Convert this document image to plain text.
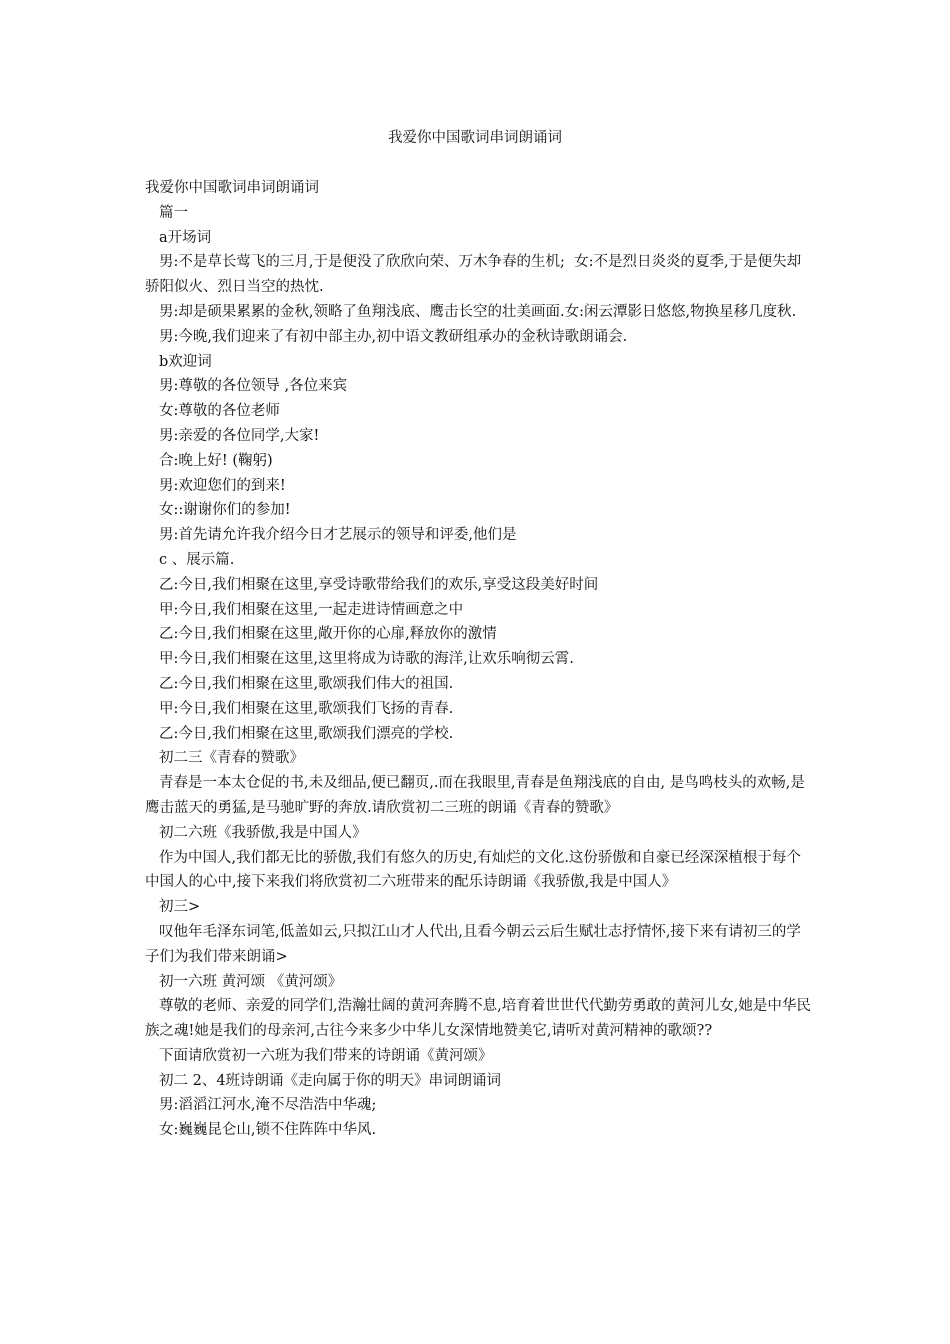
我爱你中国歌词串词朗诵词

我爱你中国歌词串词朗诵词

篇一

a开场词

男:不是草长莺飞的三月,于是便没了欣欣向荣、万木争春的生机;  女:不是烈日炎炎的夏季,于是便失却骄阳似火、烈日当空的热忱.

男:却是硕果累累的金秋,领略了鱼翔浅底、鹰击长空的壮美画面.女:闲云潭影日悠悠,物换星移几度秋.

男:今晚,我们迎来了有初中部主办,初中语文教研组承办的金秋诗歌朗诵会.

b欢迎词

男:尊敬的各位领导 ,各位来宾

女:尊敬的各位老师

男:亲爱的各位同学,大家!

合:晚上好! (鞠躬)

男:欢迎您们的到来!

女::谢谢你们的参加!

男:首先请允许我介绍今日才艺展示的领导和评委,他们是

c 、展示篇.

乙:今日,我们相聚在这里,享受诗歌带给我们的欢乐,享受这段美好时间

甲:今日,我们相聚在这里,一起走进诗情画意之中

乙:今日,我们相聚在这里,敞开你的心扉,释放你的激情

甲:今日,我们相聚在这里,这里将成为诗歌的海洋,让欢乐响彻云霄.

乙:今日,我们相聚在这里,歌颂我们伟大的祖国.

甲:今日,我们相聚在这里,歌颂我们飞扬的青春.

乙:今日,我们相聚在这里,歌颂我们漂亮的学校.

初二三《青春的赞歌》

青春是一本太仓促的书,未及细品,便已翻页,.而在我眼里,青春是鱼翔浅底的自由, 是鸟鸣枝头的欢畅,是鹰击蓝天的勇猛,是马驰旷野的奔放.请欣赏初二三班的朗诵《青春的赞歌》

初二六班《我骄傲,我是中国人》

作为中国人,我们都无比的骄傲,我们有悠久的历史,有灿烂的文化.这份骄傲和自豪已经深深植根于每个中国人的心中,接下来我们将欣赏初二六班带来的配乐诗朗诵《我骄傲,我是中国人》

初三>

叹他年毛泽东词笔,低盖如云,只拟江山才人代出,且看今朝云云后生赋壮志抒情怀,接下来有请初三的学子们为我们带来朗诵>

初一六班 黄河颂 《黄河颂》

尊敬的老师、亲爱的同学们,浩瀚壮阔的黄河奔腾不息,培育着世世代代勤劳勇敢的黄河儿女,她是中华民族之魂!她是我们的母亲河,古往今来多少中华儿女深情地赞美它,请听对黄河精神的歌颂??

下面请欣赏初一六班为我们带来的诗朗诵《黄河颂》

初二 2、4班诗朗诵《走向属于你的明天》串词朗诵词

男:滔滔江河水,淹不尽浩浩中华魂;

女:巍巍昆仑山,锁不住阵阵中华风.
